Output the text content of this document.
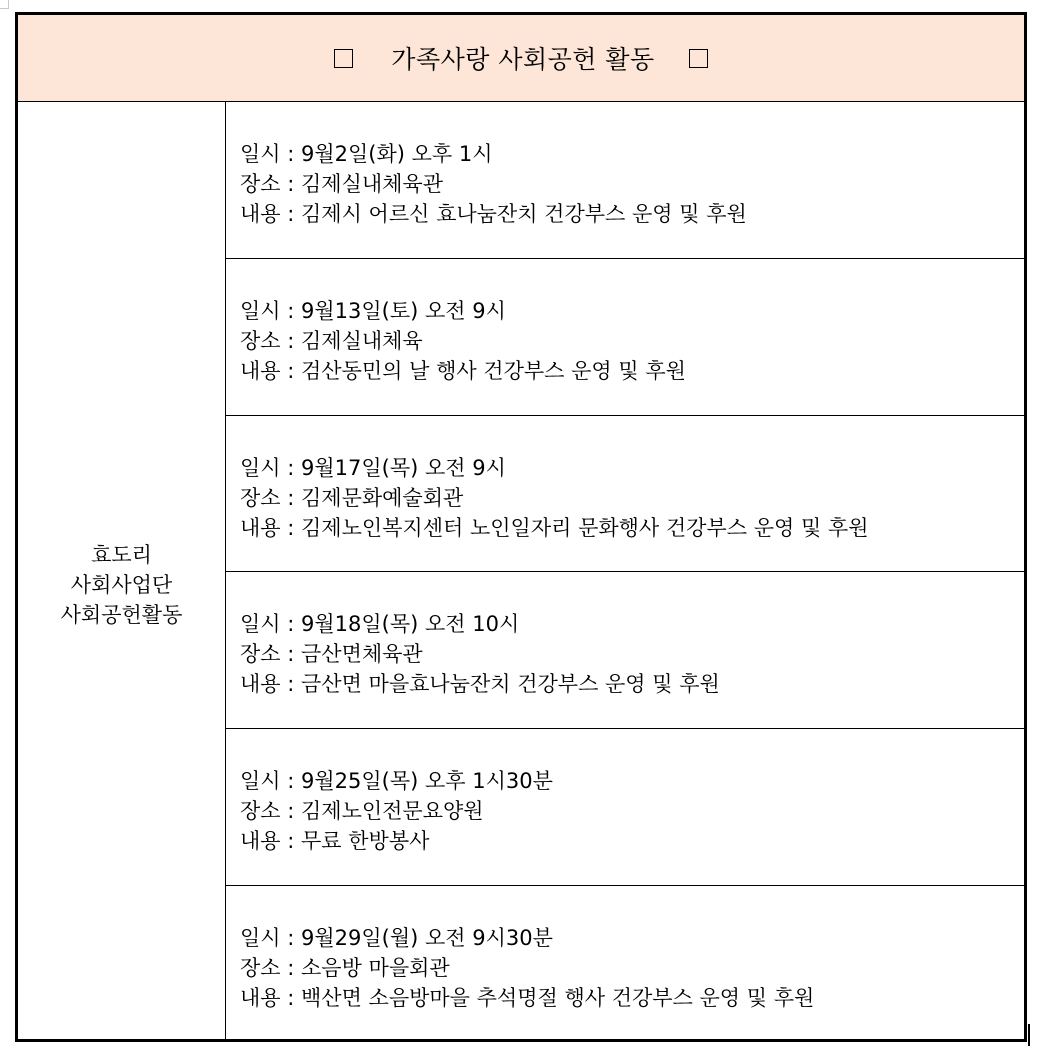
가족사랑 사회공헌 활동
효도리
사회사업단
사회공헌활동
일시 : 9월2일(화) 오후 1시
장소 : 김제실내체육관
내용 : 김제시 어르신 효나눔잔치 건강부스 운영 및 후원
일시 : 9월13일(토) 오전 9시
장소 : 김제실내체육
내용 : 검산동민의 날 행사 건강부스 운영 및 후원
일시 : 9월17일(목) 오전 9시
장소 : 김제문화예술회관
내용 : 김제노인복지센터 노인일자리 문화행사 건강부스 운영 및 후원
일시 : 9월18일(목) 오전 10시
장소 : 금산면체육관
내용 : 금산면 마을효나눔잔치 건강부스 운영 및 후원
일시 : 9월25일(목) 오후 1시30분
장소 : 김제노인전문요양원
내용 : 무료 한방봉사
일시 : 9월29일(월) 오전 9시30분
장소 : 소음방 마을회관
내용 : 백산면 소음방마을 추석명절 행사 건강부스 운영 및 후원
